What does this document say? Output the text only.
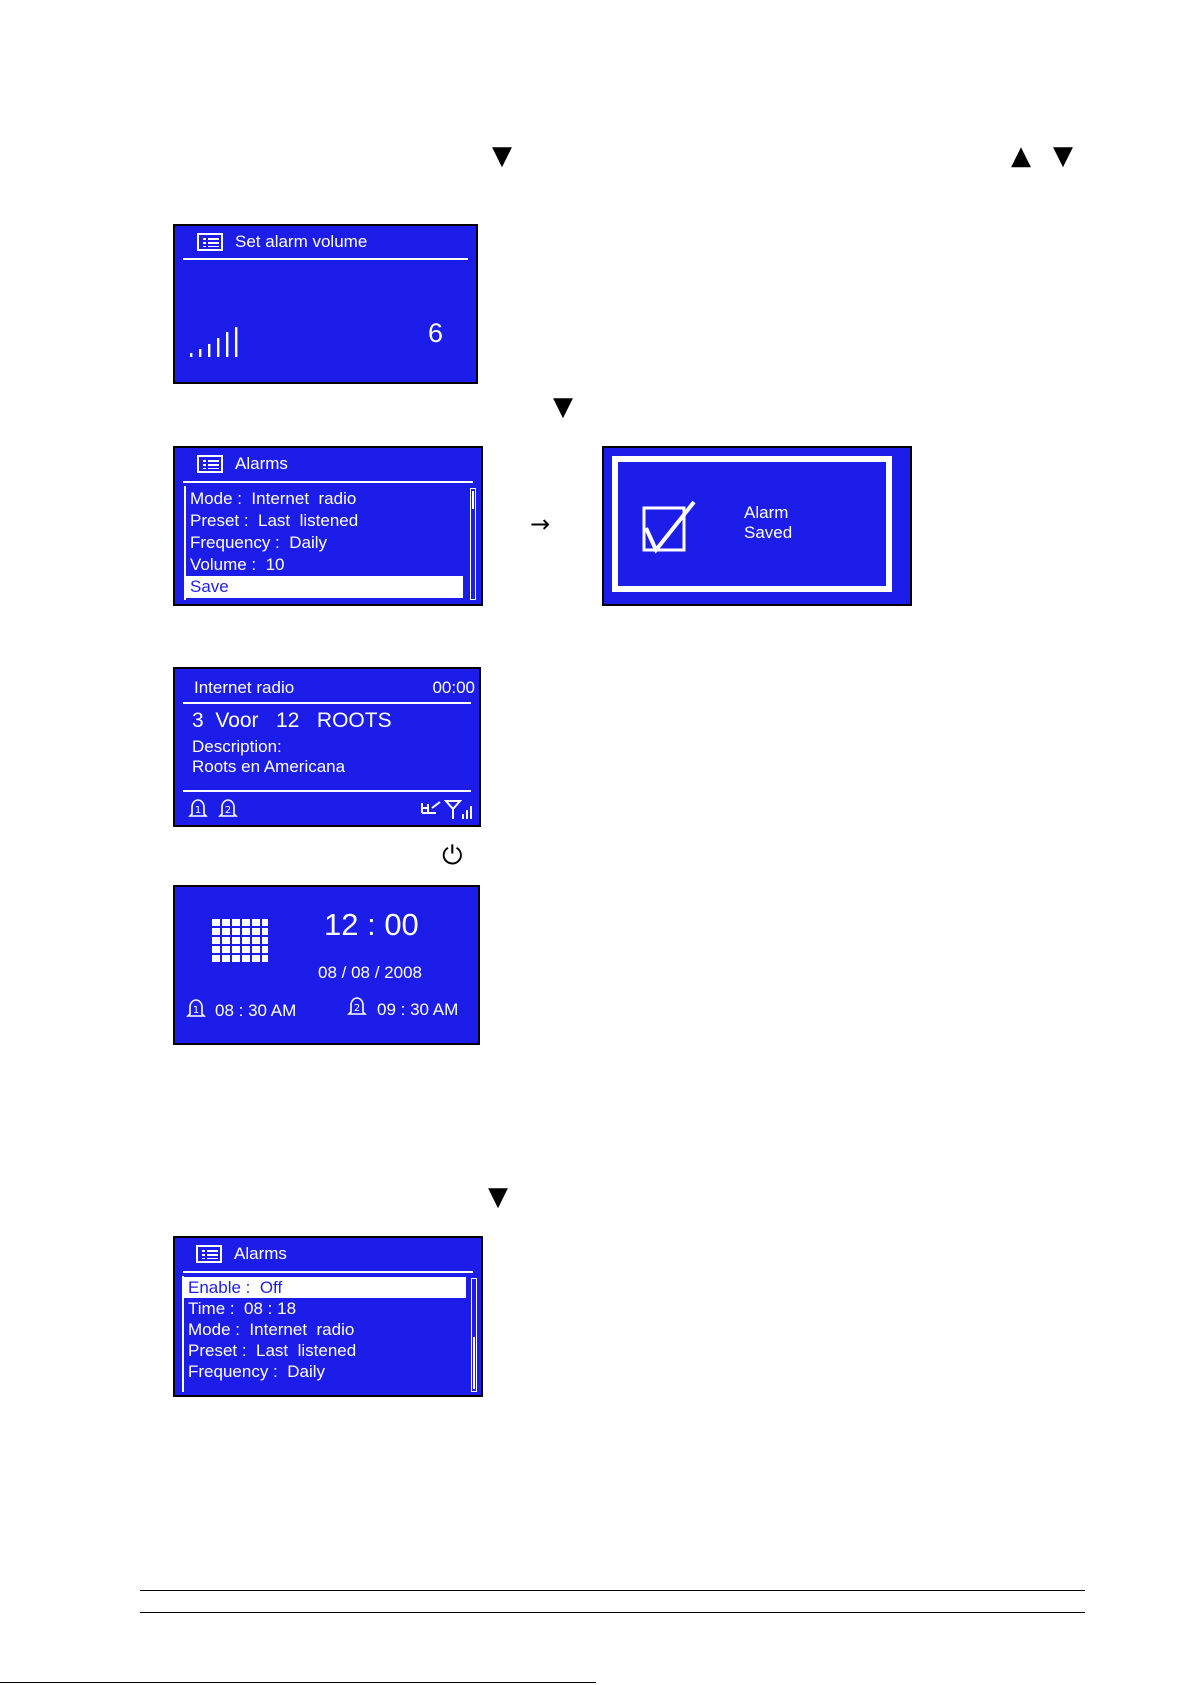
▼	▲ ▼
▼
▼
→
⏻
Set alarm volume
6
Alarms
Mode :  Internet  radio
Preset :  Last  listened
Frequency :  Daily
Volume :  10
Save
Alarm
Saved
Internet radio	00:00
3  Voor   12   ROOTS
Description:
Roots en Americana
1 2
12 : 00
08 / 08 / 2008
1 08 : 30 AM	2 09 : 30 AM
Alarms
Enable :  Off
Time :  08 : 18
Mode :  Internet  radio
Preset :  Last  listened
Frequency :  Daily
